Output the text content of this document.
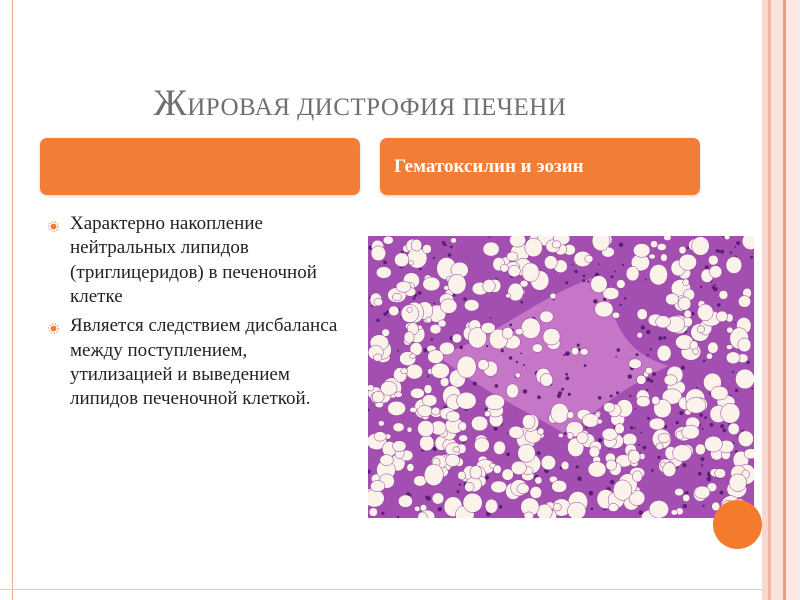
ЖИРОВАЯ ДИСТРОФИЯ ПЕЧЕНИ
Гематоксилин и эозин
Характерно накопление нейтральных липидов (триглицеридов) в печеночной клетке
Является следствием дисбаланса между поступлением, утилизацией и выведением липидов печеночной клеткой.
